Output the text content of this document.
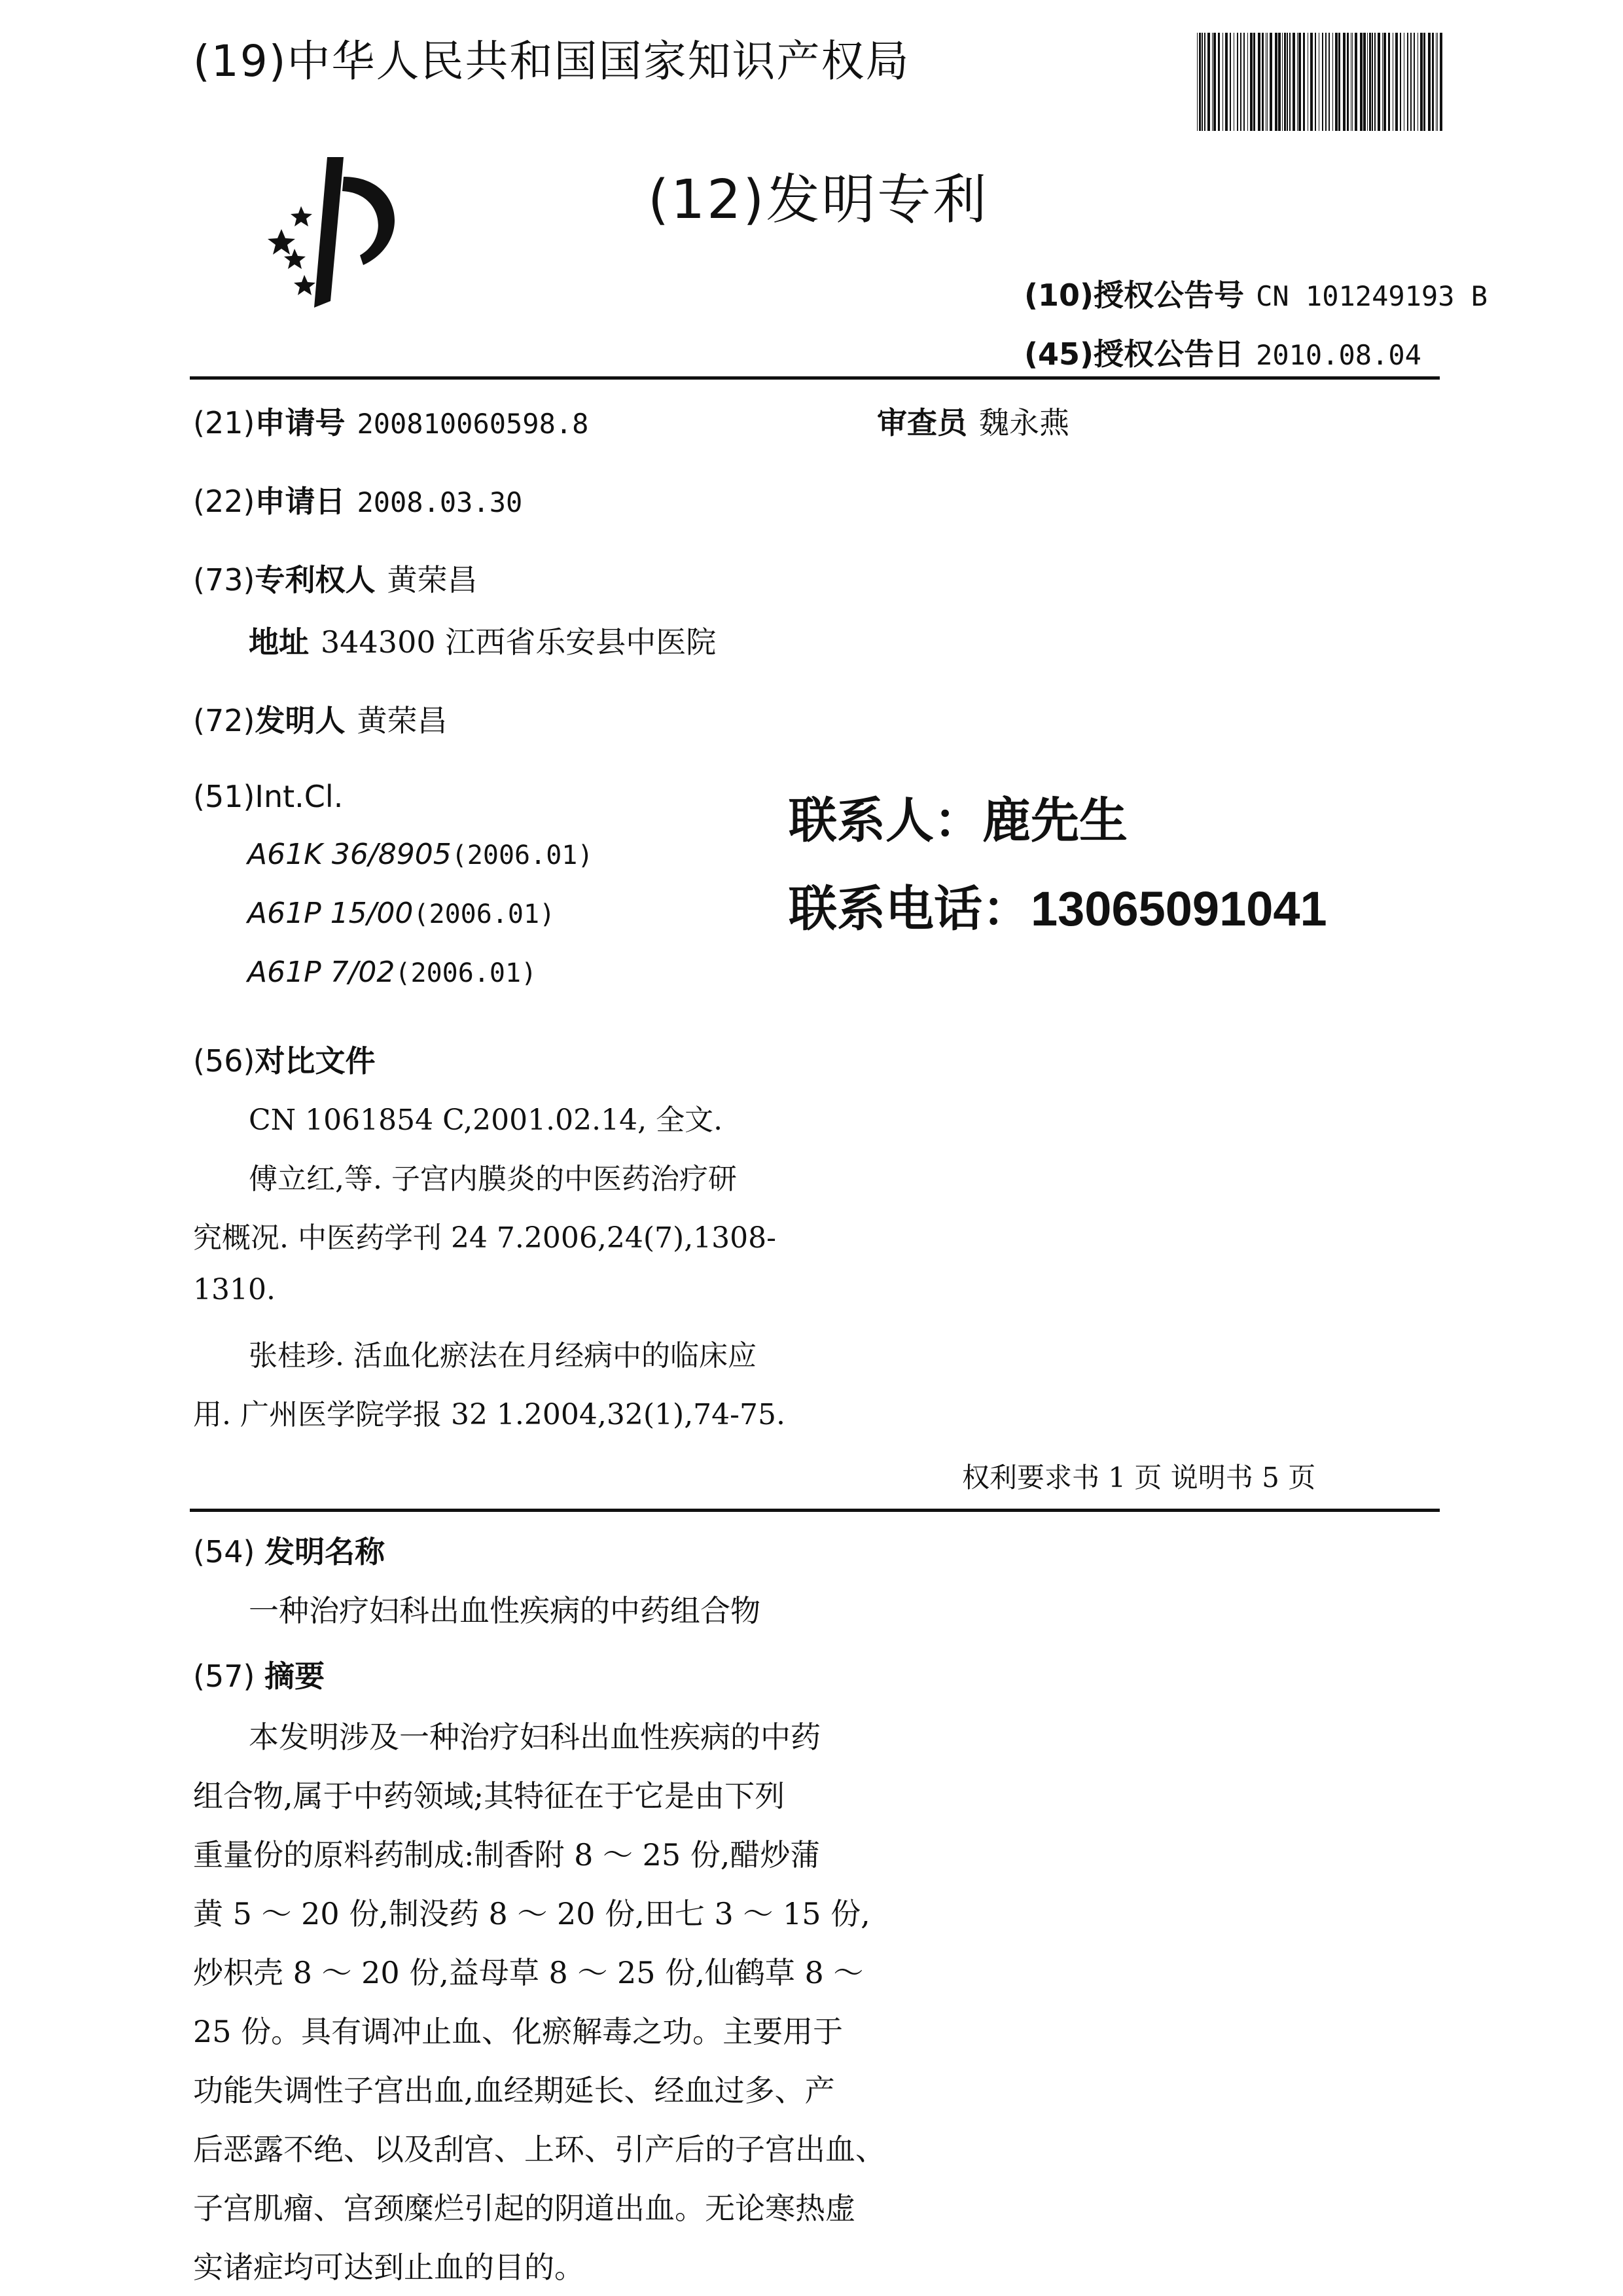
(19)中华人民共和国国家知识产权局
(12)发明专利
(10)授权公告号 CN 101249193 B
(45)授权公告日 2010.08.04
(21)申请号 200810060598.8	审查员 魏永燕
(22)申请日 2008.03.30
(73)专利权人 黄荣昌
地址 344300 江西省乐安县中医院
(72)发明人 黄荣昌
(51)Int.Cl.
A61K 36/8905(2006.01)
A61P 15/00(2006.01)
A61P 7/02(2006.01)
(56)对比文件
CN 1061854 C,2001.02.14, 全文.
傅立红,等. 子宫内膜炎的中医药治疗研
究概况. 中医药学刊 24 7.2006,24(7),1308-
1310.
张桂珍. 活血化瘀法在月经病中的临床应
用. 广州医学院学报 32 1.2004,32(1),74-75.
联系人：鹿先生
联系电话：13065091041
权利要求书 1 页 说明书 5 页
(54) 发明名称
一种治疗妇科出血性疾病的中药组合物
(57) 摘要
本发明涉及一种治疗妇科出血性疾病的中药
组合物,属于中药领域;其特征在于它是由下列
重量份的原料药制成:制香附 8 ～ 25 份,醋炒蒲
黄 5 ～ 20 份,制没药 8 ～ 20 份,田七 3 ～ 15 份,
炒枳壳 8 ～ 20 份,益母草 8 ～ 25 份,仙鹤草 8 ～
25 份。具有调冲止血、化瘀解毒之功。主要用于
功能失调性子宫出血,血经期延长、经血过多、产
后恶露不绝、以及刮宫、上环、引产后的子宫出血、
子宫肌瘤、宫颈糜烂引起的阴道出血。无论寒热虚
实诸症均可达到止血的目的。
